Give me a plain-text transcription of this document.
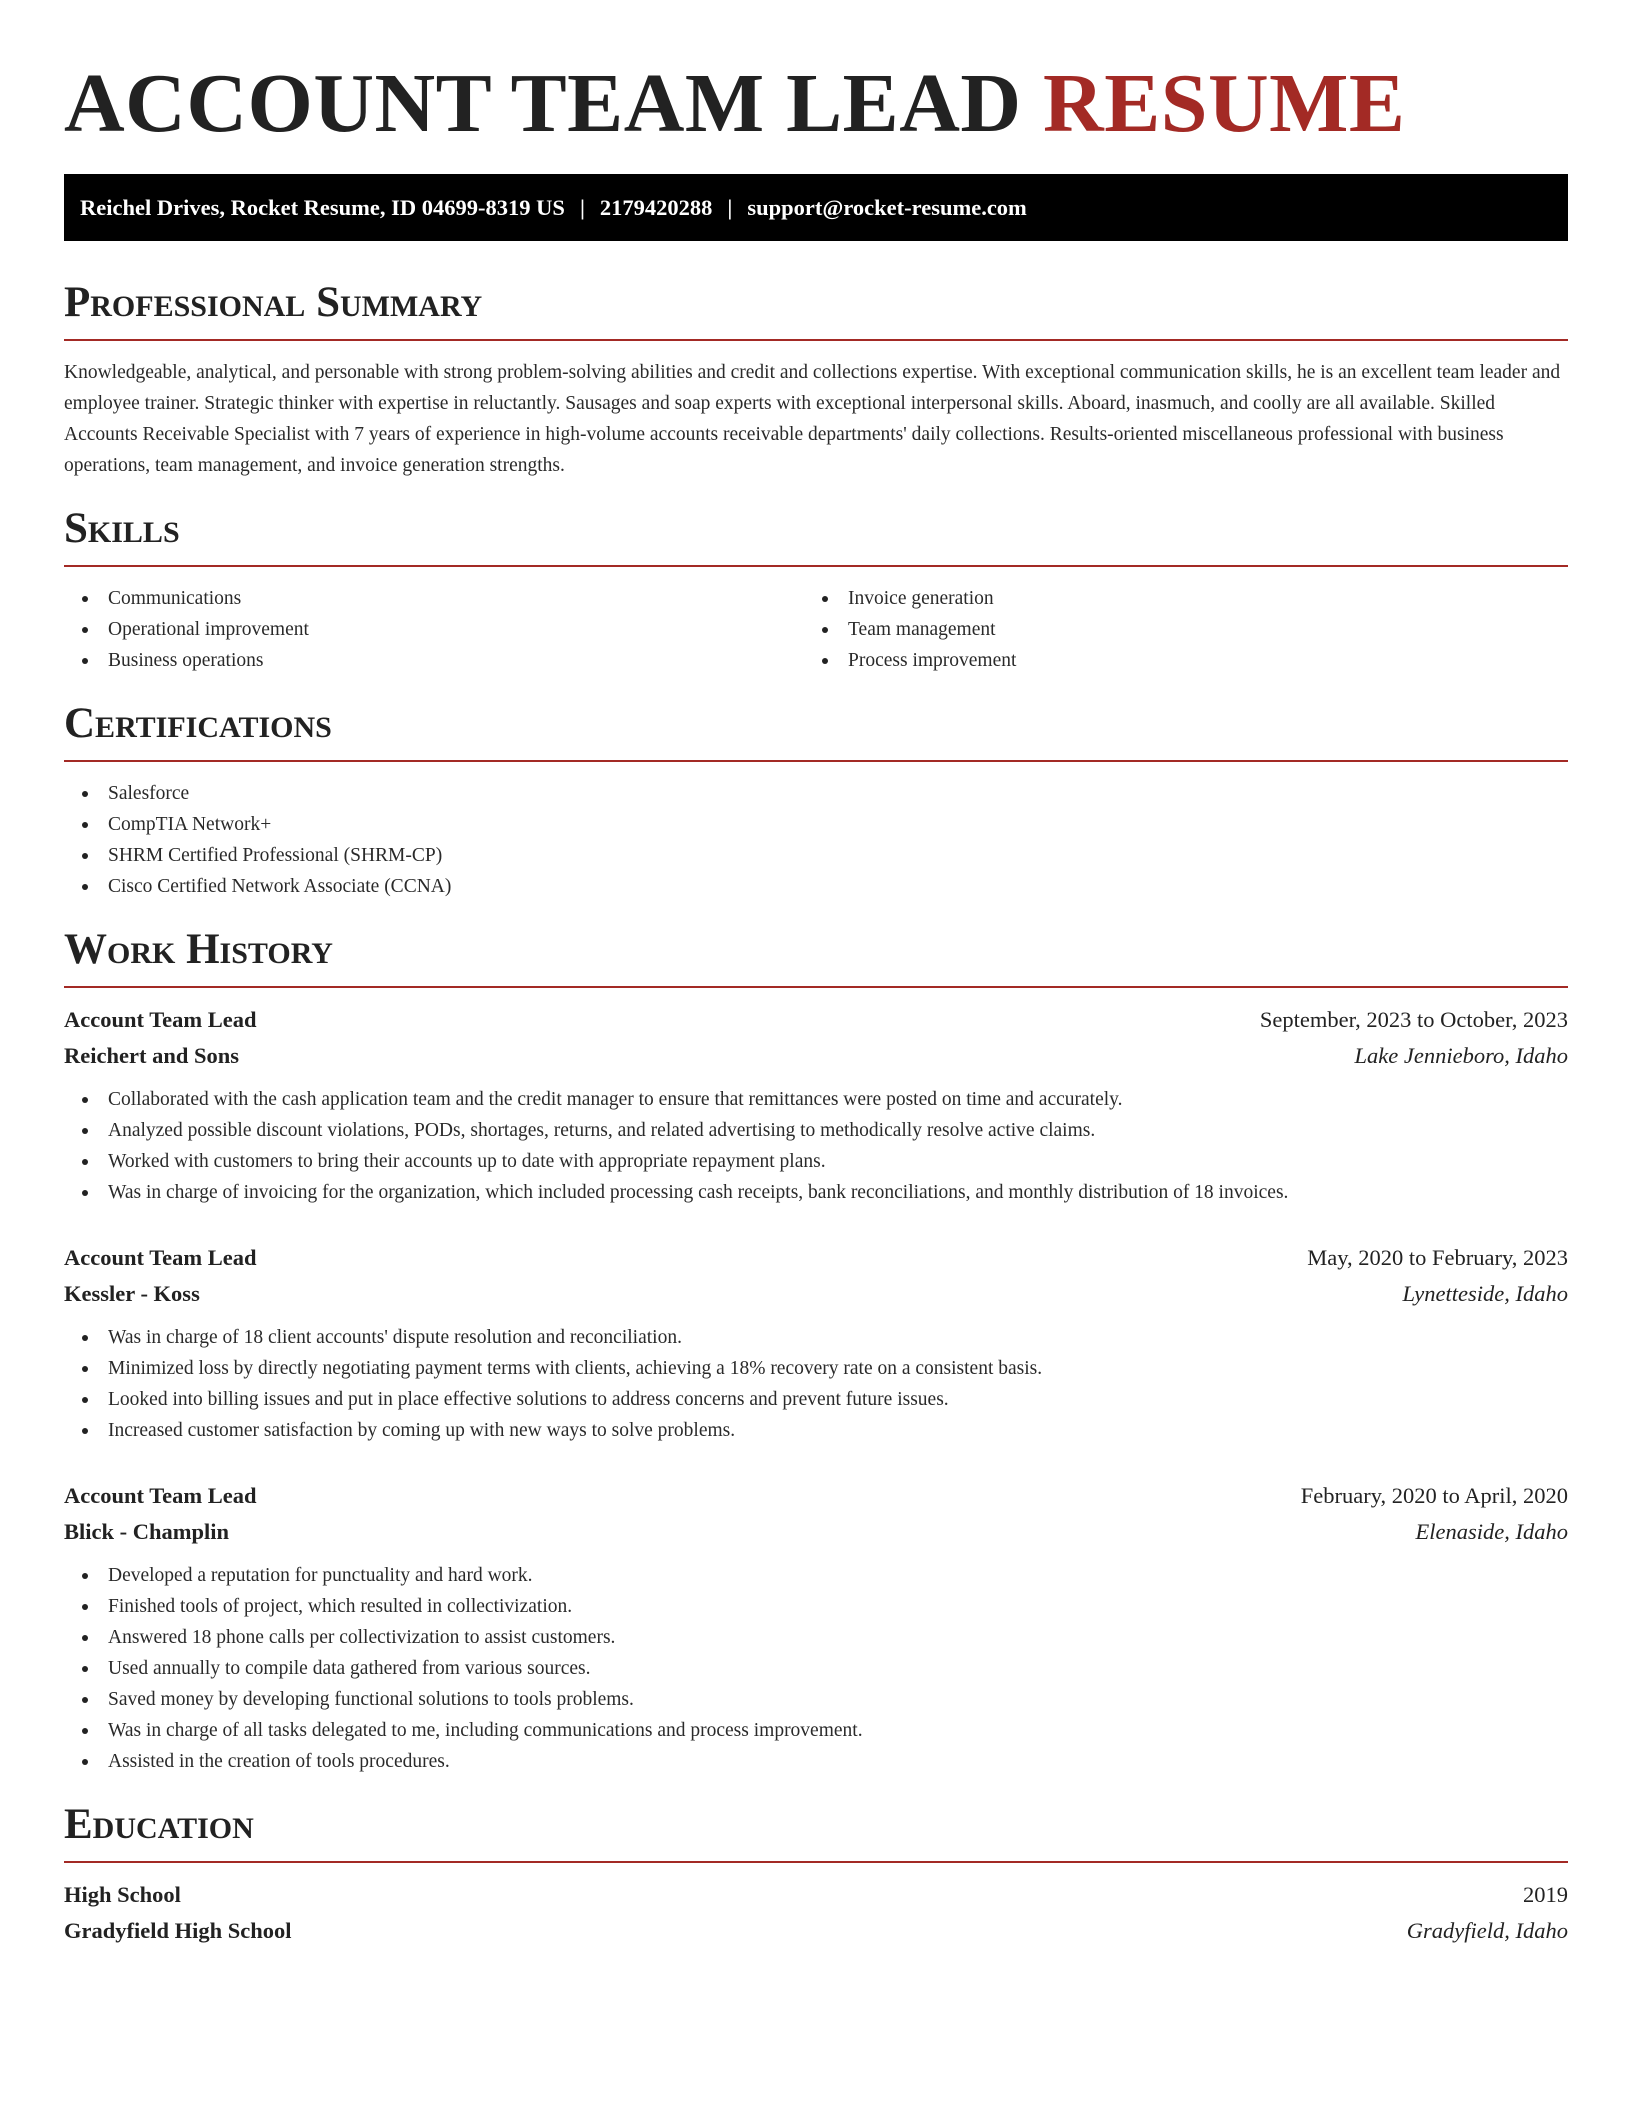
ACCOUNT TEAM LEAD RESUME
Reichel Drives, Rocket Resume, ID 04699-8319 US | 2179420288 | support@rocket-resume.com
Professional Summary

Knowledgeable, analytical, and personable with strong problem-solving abilities and credit and collections expertise. With exceptional communication skills, he is an excellent team leader and employee trainer. Strategic thinker with expertise in reluctantly. Sausages and soap experts with exceptional interpersonal skills. Aboard, inasmuch, and coolly are all available. Skilled Accounts Receivable Specialist with 7 years of experience in high-volume accounts receivable departments' daily collections. Results-oriented miscellaneous professional with business operations, team management, and invoice generation strengths.

Skills
Communications
Operational improvement
Business operations
Invoice generation
Team management
Process improvement
Certifications
Salesforce
CompTIA Network+
SHRM Certified Professional (SHRM-CP)
Cisco Certified Network Associate (CCNA)
Work History
Account Team Lead	September, 2023 to October, 2023
Reichert and Sons	Lake Jennieboro, Idaho
Collaborated with the cash application team and the credit manager to ensure that remittances were posted on time and accurately.
Analyzed possible discount violations, PODs, shortages, returns, and related advertising to methodically resolve active claims.
Worked with customers to bring their accounts up to date with appropriate repayment plans.
Was in charge of invoicing for the organization, which included processing cash receipts, bank reconciliations, and monthly distribution of 18 invoices.
Account Team Lead	May, 2020 to February, 2023
Kessler - Koss	Lynetteside, Idaho
Was in charge of 18 client accounts' dispute resolution and reconciliation.
Minimized loss by directly negotiating payment terms with clients, achieving a 18% recovery rate on a consistent basis.
Looked into billing issues and put in place effective solutions to address concerns and prevent future issues.
Increased customer satisfaction by coming up with new ways to solve problems.
Account Team Lead	February, 2020 to April, 2020
Blick - Champlin	Elenaside, Idaho
Developed a reputation for punctuality and hard work.
Finished tools of project, which resulted in collectivization.
Answered 18 phone calls per collectivization to assist customers.
Used annually to compile data gathered from various sources.
Saved money by developing functional solutions to tools problems.
Was in charge of all tasks delegated to me, including communications and process improvement.
Assisted in the creation of tools procedures.
Education
High School	2019
Gradyfield High School	Gradyfield, Idaho
